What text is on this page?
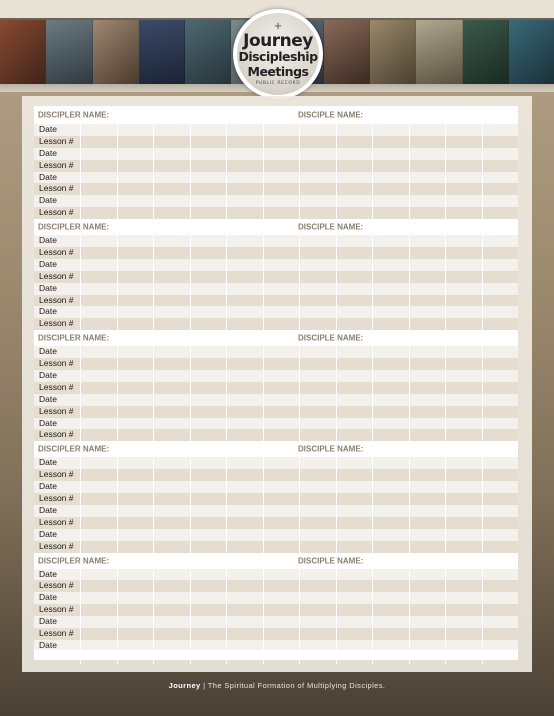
+
Journey
Discipleship
Meetings
PUBLIC RECORD
DISCIPLER NAME:	DISCIPLE NAME:
Date
Lesson #
Date
Lesson #
Date
Lesson #
Date
Lesson #
DISCIPLER NAME:	DISCIPLE NAME:
Date
Lesson #
Date
Lesson #
Date
Lesson #
Date
Lesson #
DISCIPLER NAME:	DISCIPLE NAME:
Date
Lesson #
Date
Lesson #
Date
Lesson #
Date
Lesson #
DISCIPLER NAME:	DISCIPLE NAME:
Date
Lesson #
Date
Lesson #
Date
Lesson #
Date
Lesson #
DISCIPLER NAME:	DISCIPLE NAME:
Date
Lesson #
Date
Lesson #
Date
Lesson #
Date
Journey | The Spiritual Formation of Multiplying Disciples.
